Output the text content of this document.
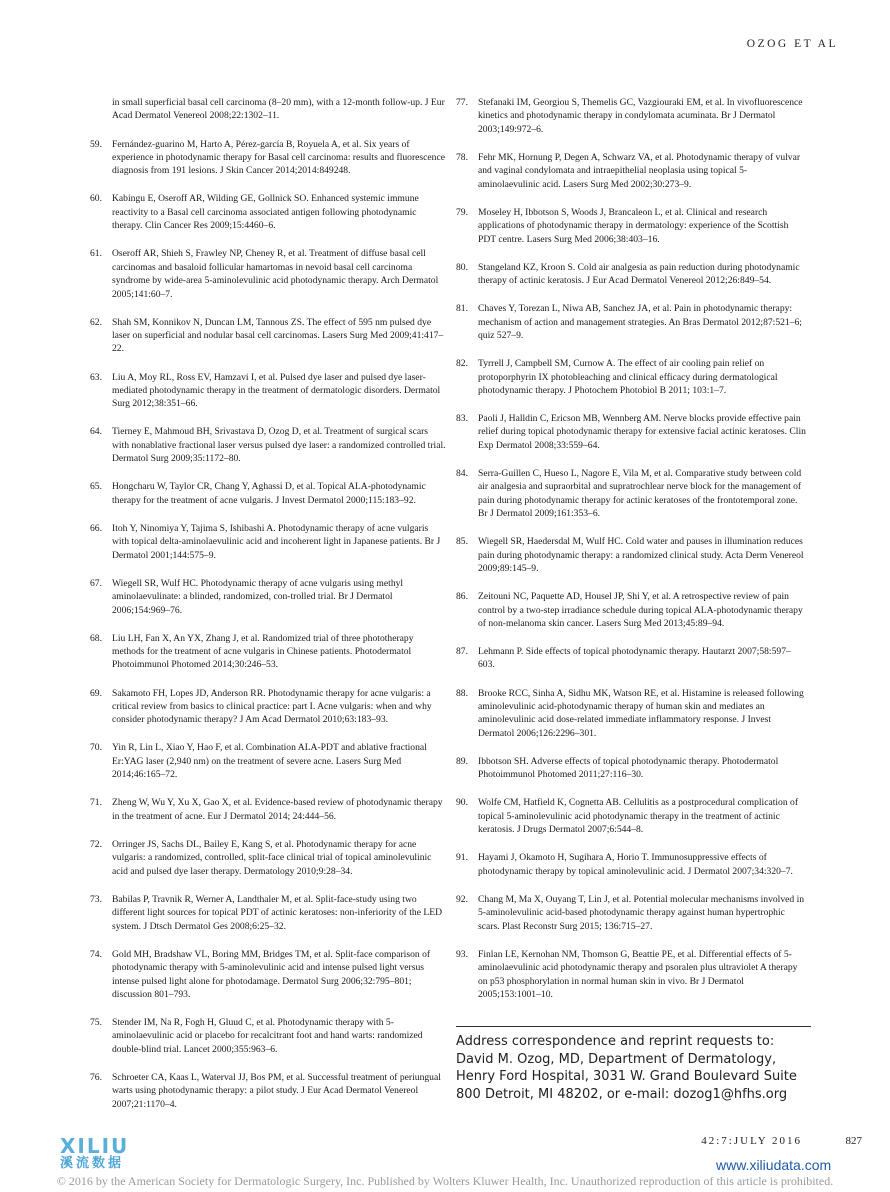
OZOG ET AL
in small superficial basal cell carcinoma (8–20 mm), with a 12-month follow-up. J Eur Acad Dermatol Venereol 2008;22:1302–11.
59. Fernández-guarino M, Harto A, Pérez-garcía B, Royuela A, et al. Six years of experience in photodynamic therapy for Basal cell carcinoma: results and fluorescence diagnosis from 191 lesions. J Skin Cancer 2014;2014:849248.
60. Kabingu E, Oseroff AR, Wilding GE, Gollnick SO. Enhanced systemic immune reactivity to a Basal cell carcinoma associated antigen following photodynamic therapy. Clin Cancer Res 2009;15:4460–6.
61. Oseroff AR, Shieh S, Frawley NP, Cheney R, et al. Treatment of diffuse basal cell carcinomas and basaloid follicular hamartomas in nevoid basal cell carcinoma syndrome by wide-area 5-aminolevulinic acid photodynamic therapy. Arch Dermatol 2005;141:60–7.
62. Shah SM, Konnikov N, Duncan LM, Tannous ZS. The effect of 595 nm pulsed dye laser on superficial and nodular basal cell carcinomas. Lasers Surg Med 2009;41:417–22.
63. Liu A, Moy RL, Ross EV, Hamzavi I, et al. Pulsed dye laser and pulsed dye laser-mediated photodynamic therapy in the treatment of dermatologic disorders. Dermatol Surg 2012;38:351–66.
64. Tierney E, Mahmoud BH, Srivastava D, Ozog D, et al. Treatment of surgical scars with nonablative fractional laser versus pulsed dye laser: a randomized controlled trial. Dermatol Surg 2009;35:1172–80.
65. Hongcharu W, Taylor CR, Chang Y, Aghassi D, et al. Topical ALA-photodynamic therapy for the treatment of acne vulgaris. J Invest Dermatol 2000;115:183–92.
66. Itoh Y, Ninomiya Y, Tajima S, Ishibashi A. Photodynamic therapy of acne vulgaris with topical delta-aminolaevulinic acid and incoherent light in Japanese patients. Br J Dermatol 2001;144:575–9.
67. Wiegell SR, Wulf HC. Photodynamic therapy of acne vulgaris using methyl aminolaevulinate: a blinded, randomized, con-trolled trial. Br J Dermatol 2006;154:969–76.
68. Liu LH, Fan X, An YX, Zhang J, et al. Randomized trial of three phototherapy methods for the treatment of acne vulgaris in Chinese patients. Photodermatol Photoimmunol Photomed 2014;30:246–53.
69. Sakamoto FH, Lopes JD, Anderson RR. Photodynamic therapy for acne vulgaris: a critical review from basics to clinical practice: part I. Acne vulgaris: when and why consider photodynamic therapy? J Am Acad Dermatol 2010;63:183–93.
70. Yin R, Lin L, Xiao Y, Hao F, et al. Combination ALA-PDT and ablative fractional Er:YAG laser (2,940 nm) on the treatment of severe acne. Lasers Surg Med 2014;46:165–72.
71. Zheng W, Wu Y, Xu X, Gao X, et al. Evidence-based review of photodynamic therapy in the treatment of acne. Eur J Dermatol 2014; 24:444–56.
72. Orringer JS, Sachs DL, Bailey E, Kang S, et al. Photodynamic therapy for acne vulgaris: a randomized, controlled, split-face clinical trial of topical aminolevulinic acid and pulsed dye laser therapy. Dermatology 2010;9:28–34.
73. Babilas P, Travnik R, Werner A, Landthaler M, et al. Split-face-study using two different light sources for topical PDT of actinic keratoses: non-inferiority of the LED system. J Dtsch Dermatol Ges 2008;6:25–32.
74. Gold MH, Bradshaw VL, Boring MM, Bridges TM, et al. Split-face comparison of photodynamic therapy with 5-aminolevulinic acid and intense pulsed light versus intense pulsed light alone for photodamage. Dermatol Surg 2006;32:795–801; discussion 801–793.
75. Stender IM, Na R, Fogh H, Gluud C, et al. Photodynamic therapy with 5-aminolaevulinic acid or placebo for recalcitrant foot and hand warts: randomized double-blind trial. Lancet 2000;355:963–6.
76. Schroeter CA, Kaas L, Waterval JJ, Bos PM, et al. Successful treatment of periungual warts using photodynamic therapy: a pilot study. J Eur Acad Dermatol Venereol 2007;21:1170–4.
77. Stefanaki IM, Georgiou S, Themelis GC, Vazgiouraki EM, et al. In vivofluorescence kinetics and photodynamic therapy in condylomata acuminata. Br J Dermatol 2003;149:972–6.
78. Fehr MK, Hornung P, Degen A, Schwarz VA, et al. Photodynamic therapy of vulvar and vaginal condylomata and intraepithelial neoplasia using topical 5-aminolaevulinic acid. Lasers Surg Med 2002;30:273–9.
79. Moseley H, Ibbotson S, Woods J, Brancaleon L, et al. Clinical and research applications of photodynamic therapy in dermatology: experience of the Scottish PDT centre. Lasers Surg Med 2006;38:403–16.
80. Stangeland KZ, Kroon S. Cold air analgesia as pain reduction during photodynamic therapy of actinic keratosis. J Eur Acad Dermatol Venereol 2012;26:849–54.
81. Chaves Y, Torezan L, Niwa AB, Sanchez JA, et al. Pain in photodynamic therapy: mechanism of action and management strategies. An Bras Dermatol 2012;87:521–6; quiz 527–9.
82. Tyrrell J, Campbell SM, Curnow A. The effect of air cooling pain relief on protoporphyrin IX photobleaching and clinical efficacy during dermatological photodynamic therapy. J Photochem Photobiol B 2011; 103:1–7.
83. Paoli J, Halldin C, Ericson MB, Wennberg AM. Nerve blocks provide effective pain relief during topical photodynamic therapy for extensive facial actinic keratoses. Clin Exp Dermatol 2008;33:559–64.
84. Serra-Guillen C, Hueso L, Nagore E, Vila M, et al. Comparative study between cold air analgesia and supraorbital and supratrochlear nerve block for the management of pain during photodynamic therapy for actinic keratoses of the frontotemporal zone. Br J Dermatol 2009;161:353–6.
85. Wiegell SR, Haedersdal M, Wulf HC. Cold water and pauses in illumination reduces pain during photodynamic therapy: a randomized clinical study. Acta Derm Venereol 2009;89:145–9.
86. Zeitouni NC, Paquette AD, Housel JP, Shi Y, et al. A retrospective review of pain control by a two-step irradiance schedule during topical ALA-photodynamic therapy of non-melanoma skin cancer. Lasers Surg Med 2013;45:89–94.
87. Lehmann P. Side effects of topical photodynamic therapy. Hautarzt 2007;58:597–603.
88. Brooke RCC, Sinha A, Sidhu MK, Watson RE, et al. Histamine is released following aminolevulinic acid-photodynamic therapy of human skin and mediates an aminolevulinic acid dose-related immediate inflammatory response. J Invest Dermatol 2006;126:2296–301.
89. Ibbotson SH. Adverse effects of topical photodynamic therapy. Photodermatol Photoimmunol Photomed 2011;27:116–30.
90. Wolfe CM, Hatfield K, Cognetta AB. Cellulitis as a postprocedural complication of topical 5-aminolevulinic acid photodynamic therapy in the treatment of actinic keratosis. J Drugs Dermatol 2007;6:544–8.
91. Hayami J, Okamoto H, Sugihara A, Horio T. Immunosuppressive effects of photodynamic therapy by topical aminolevulinic acid. J Dermatol 2007;34:320–7.
92. Chang M, Ma X, Ouyang T, Lin J, et al. Potential molecular mechanisms involved in 5-aminolevulinic acid-based photodynamic therapy against human hypertrophic scars. Plast Reconstr Surg 2015; 136:715–27.
93. Finlan LE, Kernohan NM, Thomson G, Beattie PE, et al. Differential effects of 5-aminolaevulinic acid photodynamic therapy and psoralen plus ultraviolet A therapy on p53 phosphorylation in normal human skin in vivo. Br J Dermatol 2005;153:1001–10.
Address correspondence and reprint requests to: David M. Ozog, MD, Department of Dermatology, Henry Ford Hospital, 3031 W. Grand Boulevard Suite 800 Detroit, MI 48202, or e-mail: dozog1@hfhs.org
XILIU
溪流数据
42:7:JULY 2016	827
www.xiliudata.com
© 2016 by the American Society for Dermatologic Surgery, Inc. Published by Wolters Kluwer Health, Inc. Unauthorized reproduction of this article is prohibited.
